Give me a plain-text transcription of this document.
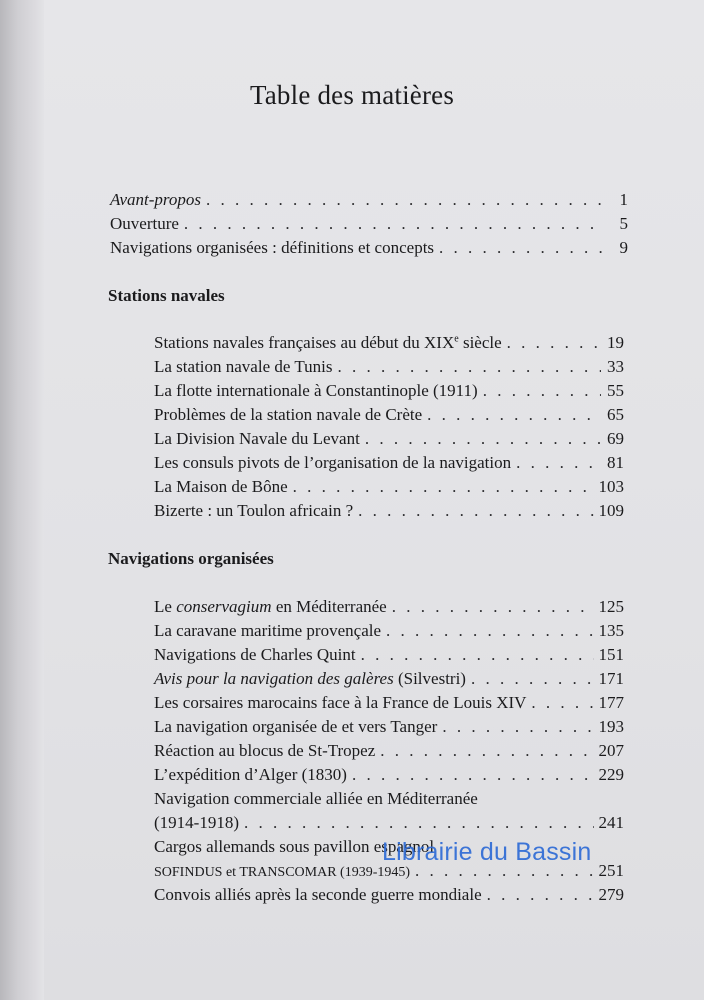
Table des matières
Avant-propos . . .	1
Ouverture . . .	5
Navigations organisées : définitions et concepts . . .	9
Stations navales
Stations navales françaises au début du XIXe siècle . . .	19
La station navale de Tunis . . .	33
La flotte internationale à Constantinople (1911) . . .	55
Problèmes de la station navale de Crète . . .	65
La Division Navale du Levant . . .	69
Les consuls pivots de l’organisation de la navigation . . .	81
La Maison de Bône . . .	103
Bizerte : un Toulon africain ? . . .	109
Navigations organisées
Le conservagium en Méditerranée . . .	125
La caravane maritime provençale . . .	135
Navigations de Charles Quint . . .	151
Avis pour la navigation des galères (Silvestri) . . .	171
Les corsaires marocains face à la France de Louis XIV . . .	177
La navigation organisée de et vers Tanger . . .	193
Réaction au blocus de St-Tropez . . .	207
L’expédition d’Alger (1830) . . .	229
Navigation commerciale alliée en Méditerranée
(1914-1918) . . .	241
Cargos allemands sous pavillon espagnol
SOFINDUS et TRANSCOMAR (1939-1945) . . .	251
Convois alliés après la seconde guerre mondiale . . .	279
Librairie du Bassin
